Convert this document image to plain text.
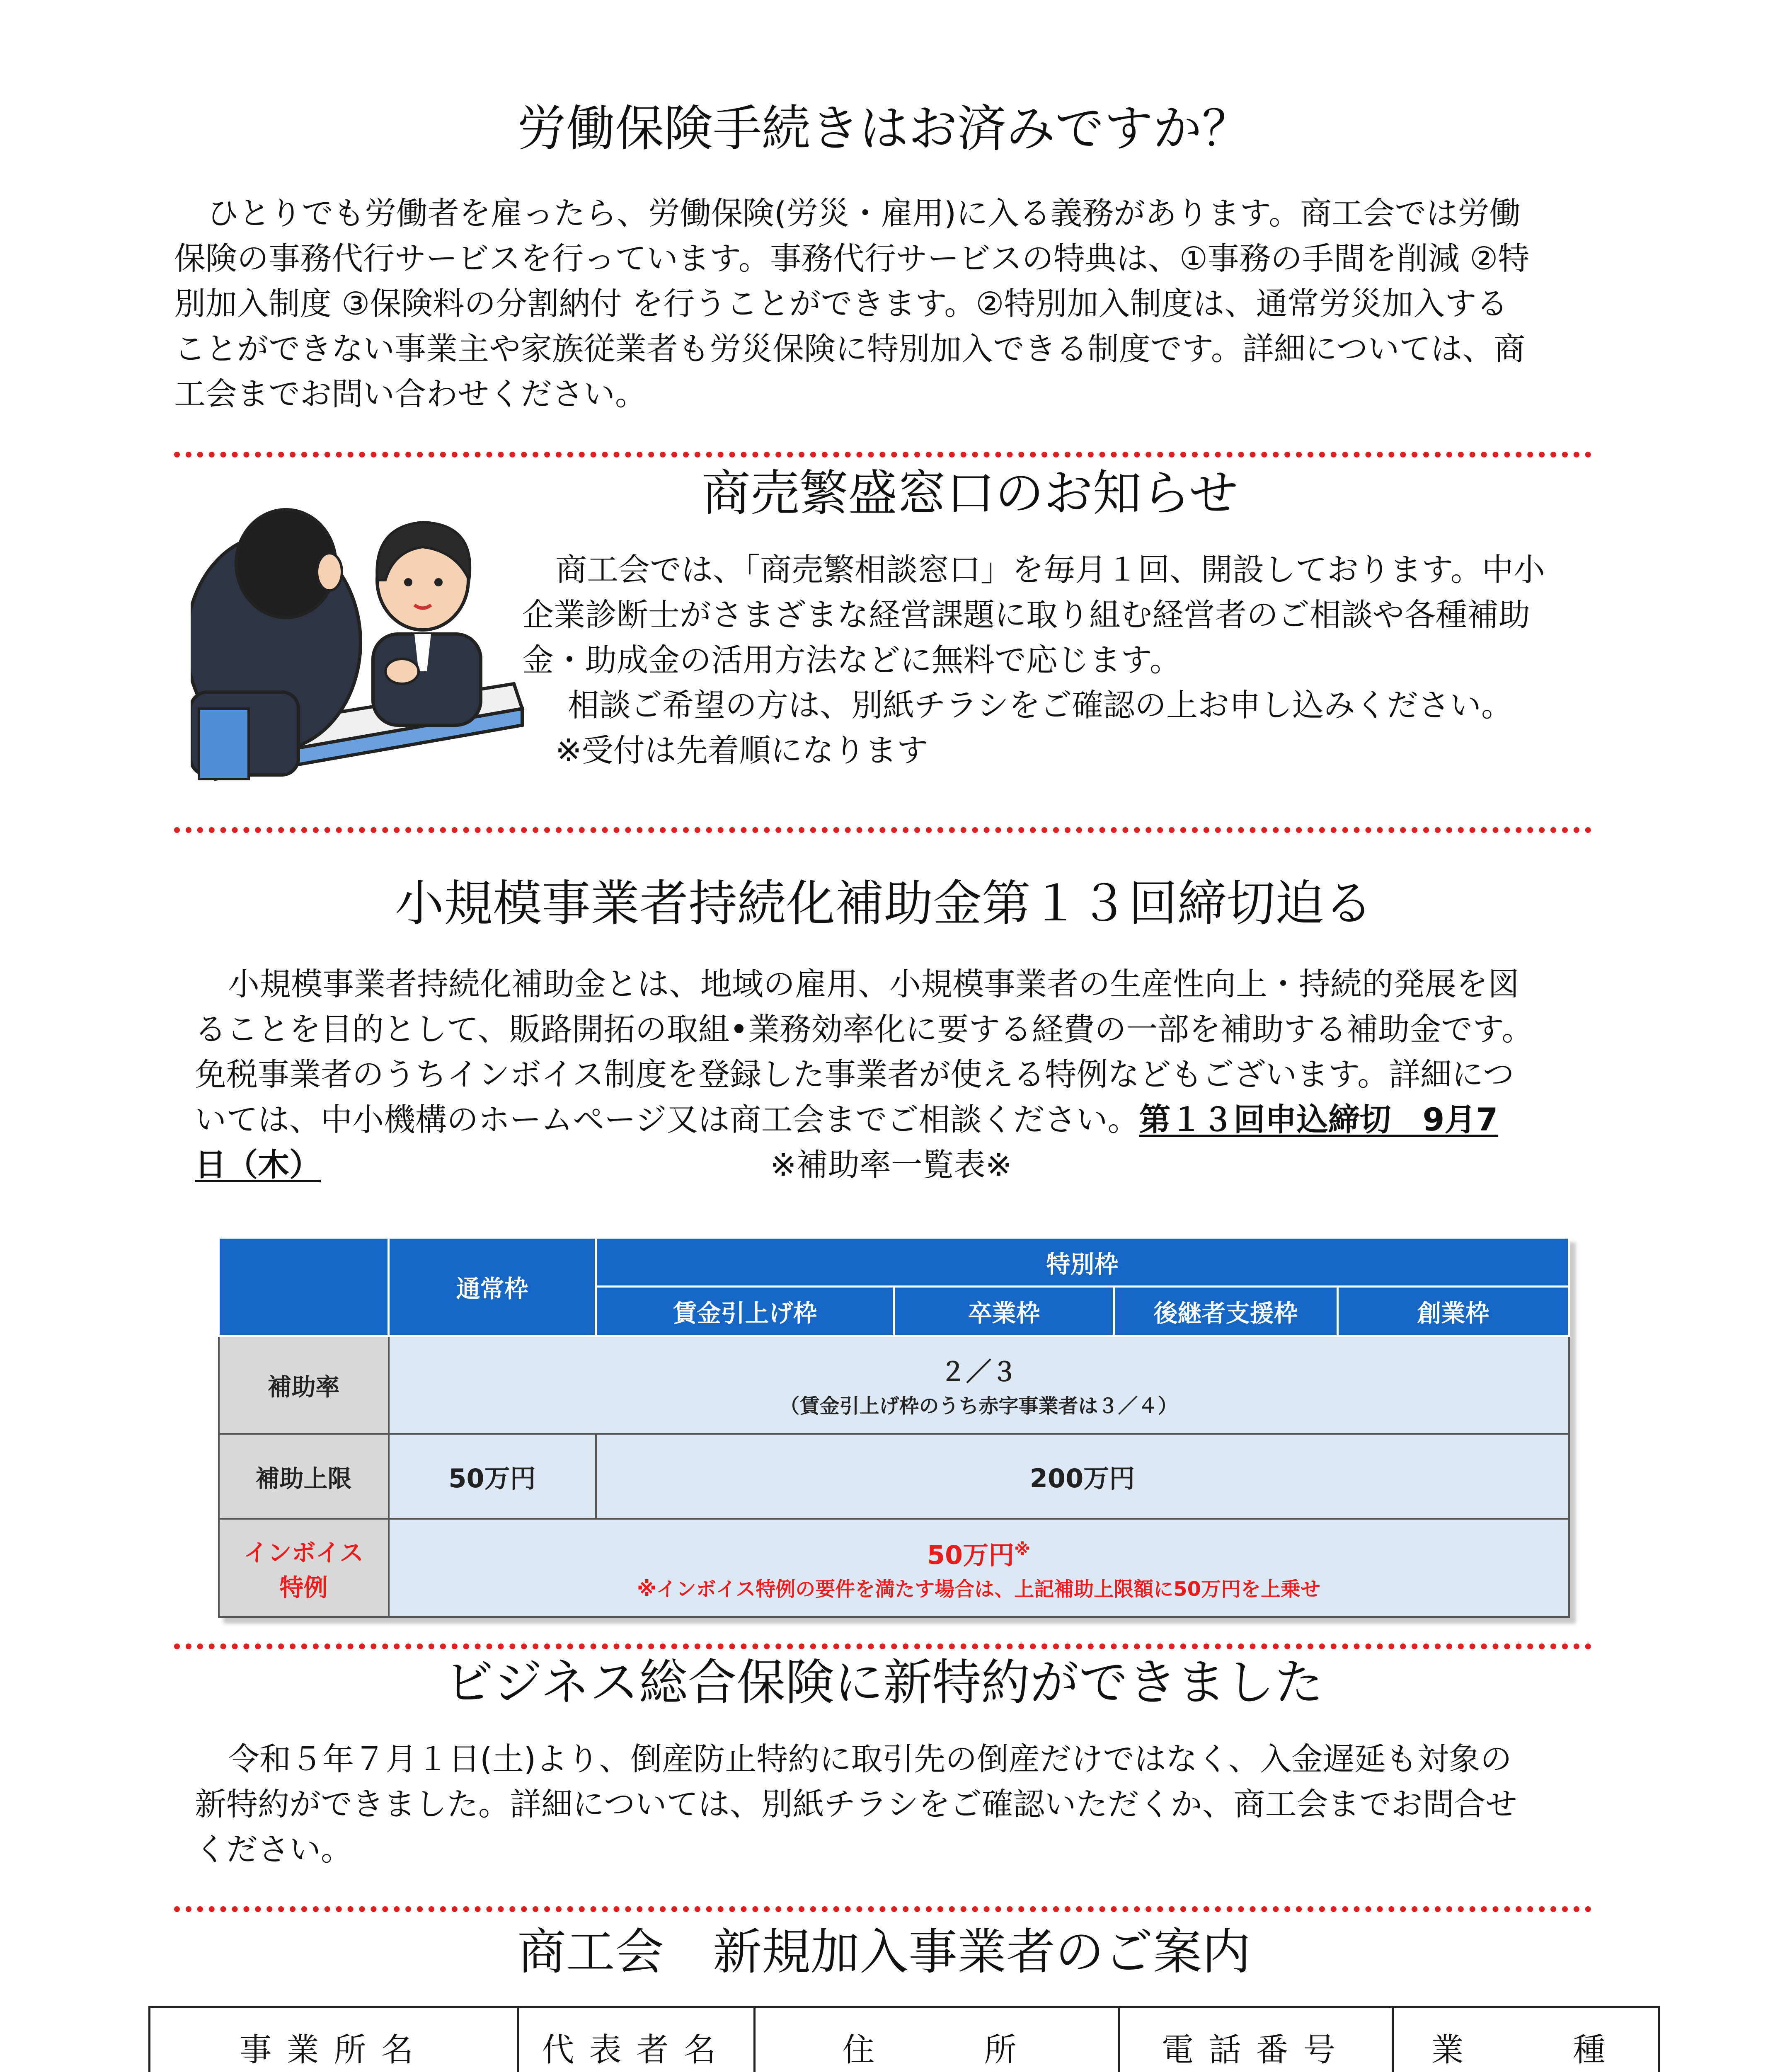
労働保険手続きはお済みですか？

ひとりでも労働者を雇ったら、労働保険(労災・雇用)に入る義務があります。商工会では労働

保険の事務代行サービスを行っています。事務代行サービスの特典は、①事務の手間を削減 ②特

別加入制度 ③保険料の分割納付 を行うことができます。②特別加入制度は、通常労災加入する

ことができない事業主や家族従業者も労災保険に特別加入できる制度です。詳細については、商

工会までお問い合わせください。

商売繁盛窓口のお知らせ

商工会では、「商売繁相談窓口」を毎月１回、開設しております。中小

企業診断士がさまざまな経営課題に取り組む経営者のご相談や各種補助

金・助成金の活用方法などに無料で応じます。

相談ご希望の方は、別紙チラシをご確認の上お申し込みください。

※受付は先着順になります

小規模事業者持続化補助金第１３回締切迫る

小規模事業者持続化補助金とは、地域の雇用、小規模事業者の生産性向上・持続的発展を図

ることを目的として、販路開拓の取組•業務効率化に要する経費の一部を補助する補助金です。

免税事業者のうちインボイス制度を登録した事業者が使える特例などもございます。詳細につ

いては、中小機構のホームページ又は商工会までご相談ください。第１３回申込締切　9月7

日（木）	※補助率一覧表※

	通常枠	特別枠			
		賃金引上げ枠	卒業枠	後継者支援枠	創業枠
補助率	２／３
（賃金引上げ枠のうち赤字事業者は３／４）				

補助上限	50万円	200万円			
インボイス
特例	50万円※
※インボイス特例の要件を満たす場合は、上記補助上限額に50万円を上乗せ				
ビジネス総合保険に新特約ができました

令和５年７月１日(土)より、倒産防止特約に取引先の倒産だけではなく、入金遅延も対象の

新特約ができました。詳細については、別紙チラシをご確認いただくか、商工会までお問合せ

ください。

商工会　新規加入事業者のご案内
事業所名	代表者名	住　　所	電話番号	業　　種
